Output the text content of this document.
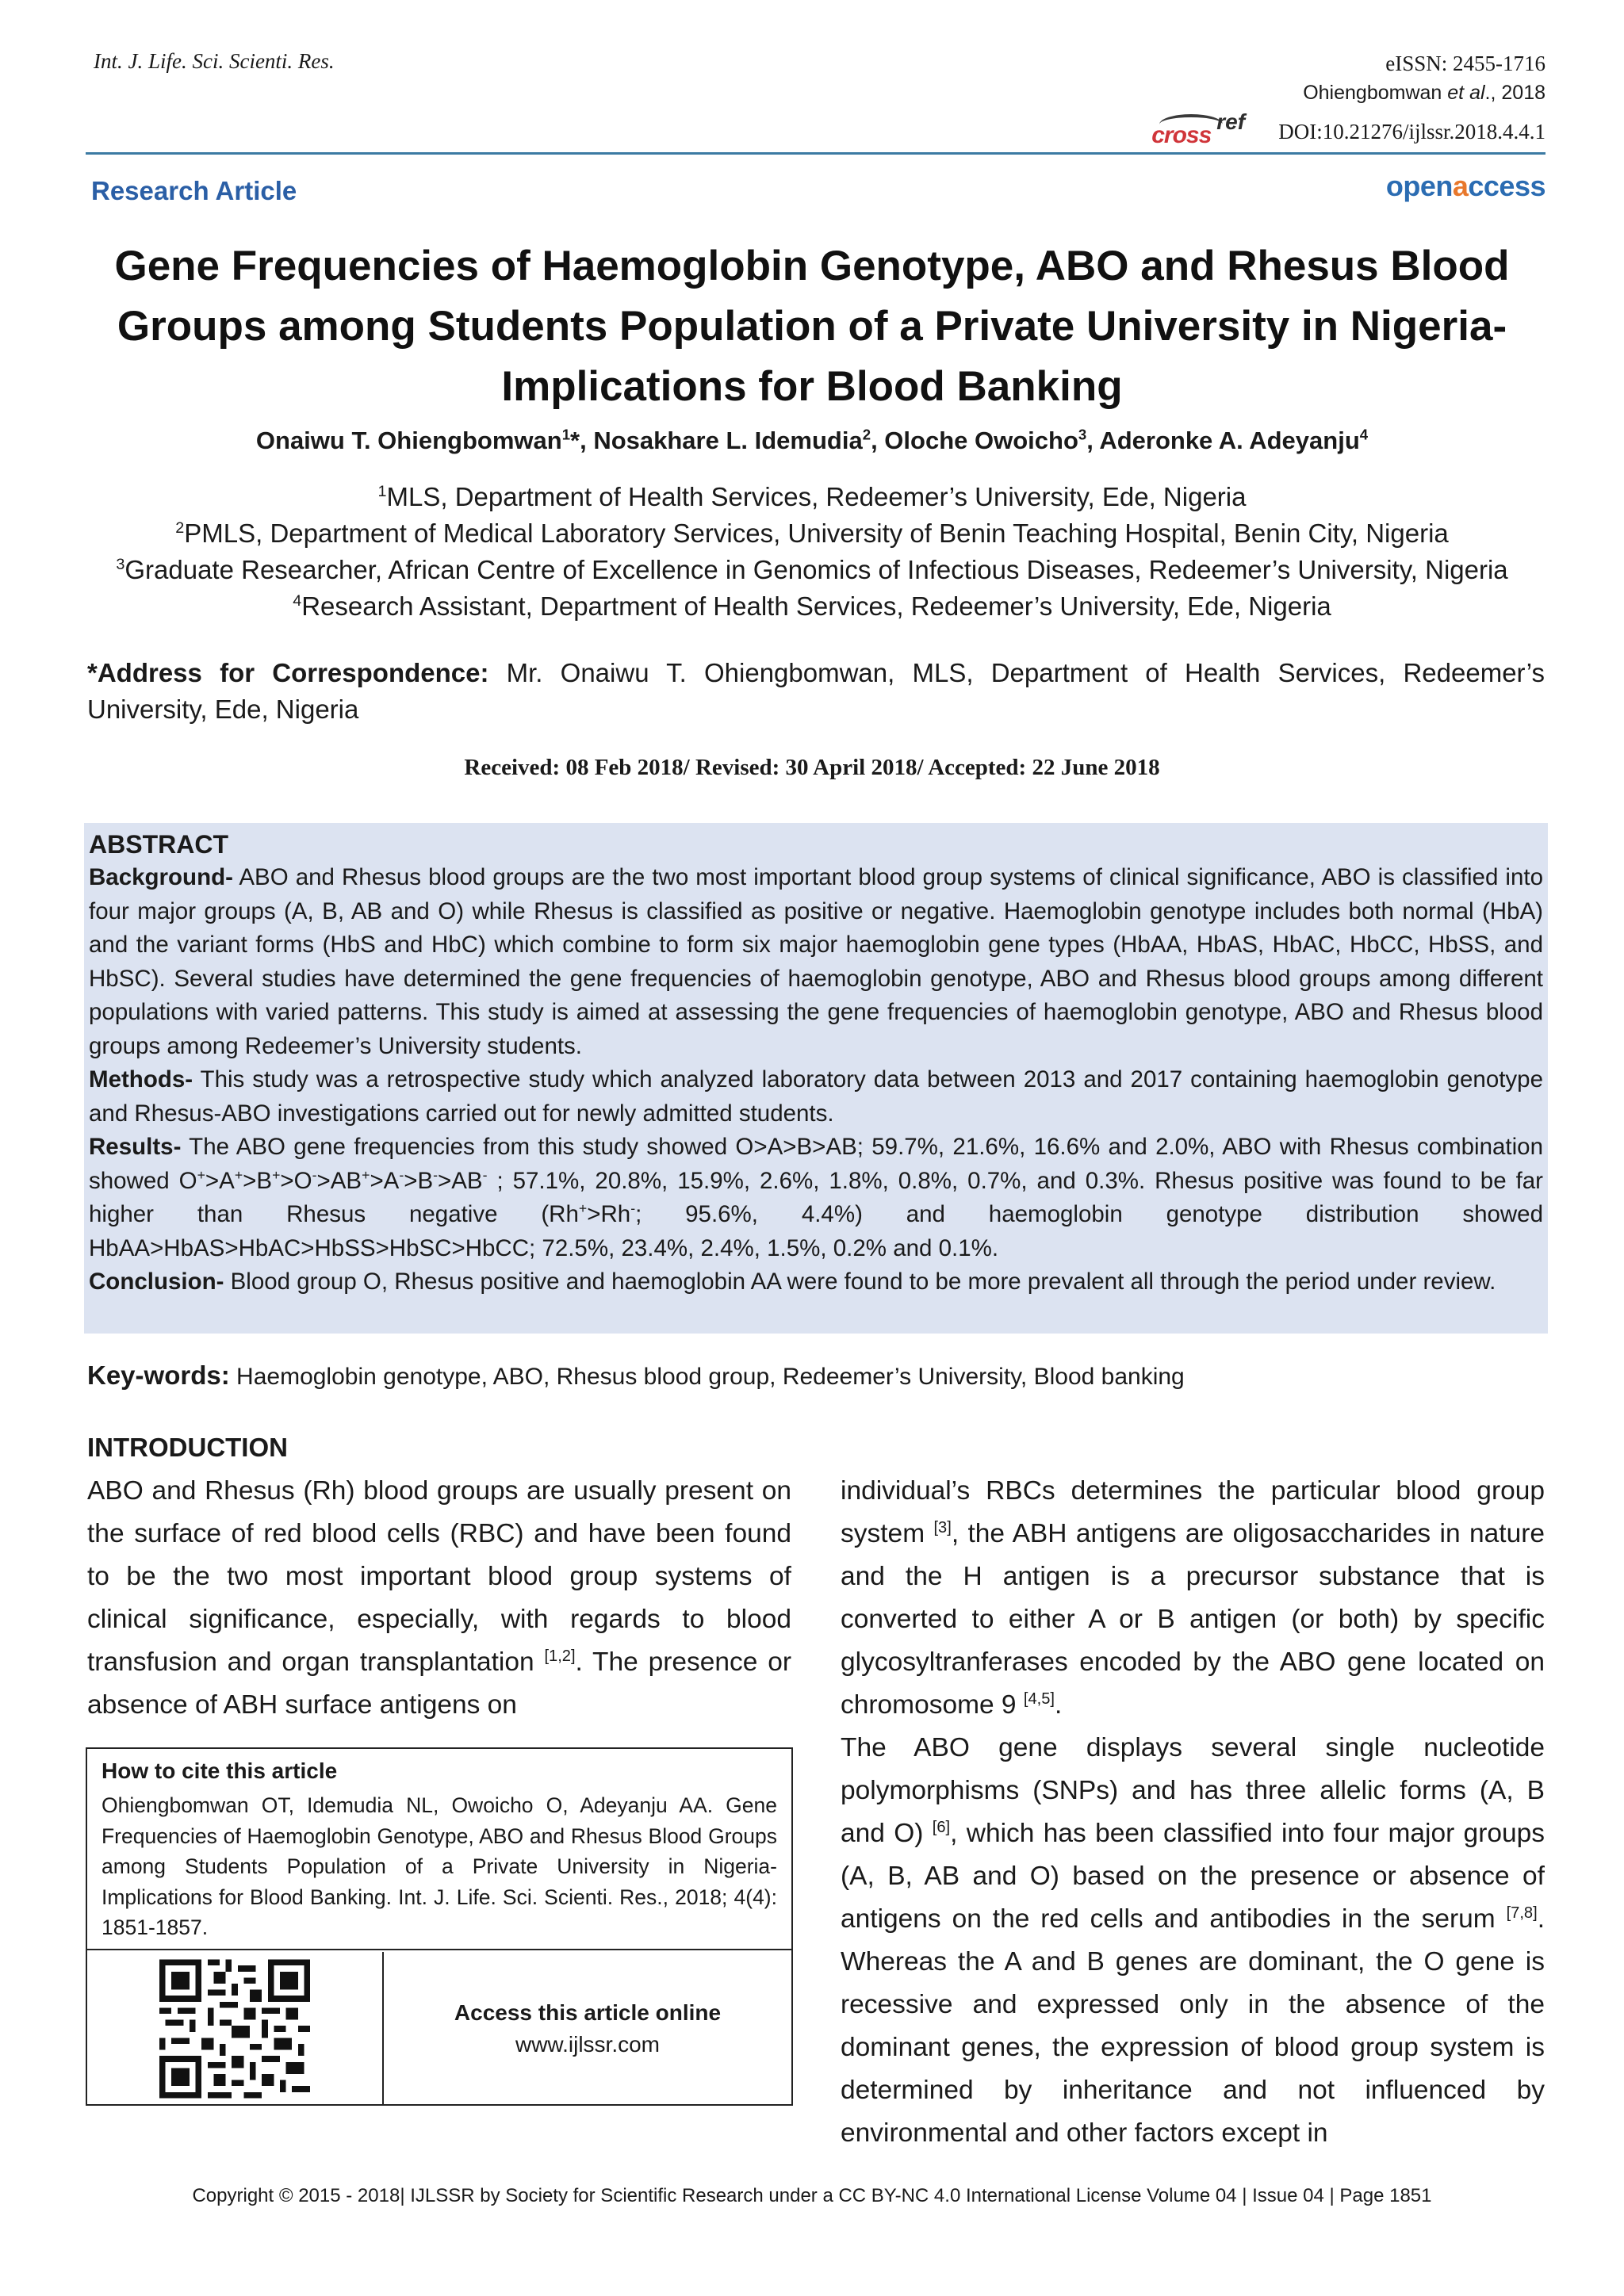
Int. J. Life. Sci. Scienti. Res.	eISSN: 2455-1716
Ohiengbomwan et al., 2018
cross
ref DOI:10.21276/ijlssr.2018.4.4.1
Research Article	openaccess
Gene Frequencies of Haemoglobin Genotype, ABO and Rhesus Blood Groups among Students Population of a Private University in Nigeria-Implications for Blood Banking
Onaiwu T. Ohiengbomwan$^1$*, Nosakhare L. Idemudia$^2$, Oloche Owoicho$^3$, Aderonke A. Adeyanju$^4$
$^1$MLS, Department of Health Services, Redeemer’s University, Ede, Nigeria
$^2$PMLS, Department of Medical Laboratory Services, University of Benin Teaching Hospital, Benin City, Nigeria
$^3$Graduate Researcher, African Centre of Excellence in Genomics of Infectious Diseases, Redeemer’s University, Nigeria
$^4$Research Assistant, Department of Health Services, Redeemer’s University, Ede, Nigeria
*Address for Correspondence: Mr. Onaiwu T. Ohiengbomwan, MLS, Department of Health Services, Redeemer’s University, Ede, Nigeria
Received: 08 Feb 2018/ Revised: 30 April 2018/ Accepted: 22 June 2018

ABSTRACT

Background- ABO and Rhesus blood groups are the two most important blood group systems of clinical significance, ABO is classified into four major groups (A, B, AB and O) while Rhesus is classified as positive or negative. Haemoglobin genotype includes both normal (HbA) and the variant forms (HbS and HbC) which combine to form six major haemoglobin gene types (HbAA, HbAS, HbAC, HbCC, HbSS, and HbSC). Several studies have determined the gene frequencies of haemoglobin genotype, ABO and Rhesus blood groups among different populations with varied patterns. This study is aimed at assessing the gene frequencies of haemoglobin genotype, ABO and Rhesus blood groups among Redeemer’s University students.

Methods- This study was a retrospective study which analyzed laboratory data between 2013 and 2017 containing haemoglobin genotype and Rhesus-ABO investigations carried out for newly admitted students.

Results- The ABO gene frequencies from this study showed O>A>B>AB; 59.7%, 21.6%, 16.6% and 2.0%, ABO with Rhesus combination showed O+>A+>B+>O->AB+>A->B->AB- ; 57.1%, 20.8%, 15.9%, 2.6%, 1.8%, 0.8%, 0.7%, and 0.3%. Rhesus positive was found to be far higher than Rhesus negative (Rh+>Rh-; 95.6%, 4.4%) and haemoglobin genotype distribution showed HbAA>HbAS>HbAC>HbSS>HbSC>HbCC; 72.5%, 23.4%, 2.4%, 1.5%, 0.2% and 0.1%.

Conclusion- Blood group O, Rhesus positive and haemoglobin AA were found to be more prevalent all through the period under review.

Key-words: Haemoglobin genotype, ABO, Rhesus blood group, Redeemer’s University, Blood banking
INTRODUCTION
ABO and Rhesus (Rh) blood groups are usually present on the surface of red blood cells (RBC) and have been found to be the two most important blood group systems of clinical significance, especially, with regards to blood transfusion and organ transplantation [1,2]. The presence or absence of ABH surface antigens on

individual’s RBCs determines the particular blood group system [3], the ABH antigens are oligosaccharides in nature and the H antigen is a precursor substance that is converted to either A or B antigen (or both) by specific glycosyltranferases encoded by the ABO gene located on chromosome 9 [4,5].

The ABO gene displays several single nucleotide polymorphisms (SNPs) and has three allelic forms (A, B and O) [6], which has been classified into four major groups (A, B, AB and O) based on the presence or absence of antigens on the red cells and antibodies in the serum [7,8]. Whereas the A and B genes are dominant, the O gene is recessive and expressed only in the absence of the dominant genes, the expression of blood group system is determined by inheritance and not influenced by environmental and other factors except in

How to cite this article
Ohiengbomwan OT, Idemudia NL, Owoicho O, Adeyanju AA. Gene Frequencies of Haemoglobin Genotype, ABO and Rhesus Blood Groups among Students Population of a Private University in Nigeria-Implications for Blood Banking. Int. J. Life. Sci. Scienti. Res., 2018; 4(4): 1851-1857.
Access this article online
www.ijlssr.com
Copyright © 2015 - 2018| IJLSSR by Society for Scientific Research under a CC BY-NC 4.0 International License Volume 04 | Issue 04 | Page 1851
